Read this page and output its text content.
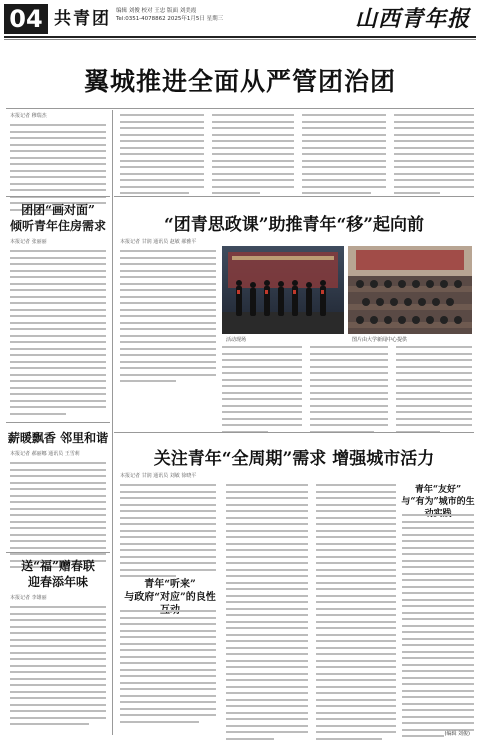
04 共青团 编辑 刘俊 校对 王忠 版面 刘美霞
Tel:0351-4078862 2025年1月5日 星期三	山西青年报
翼城推进全面从严管团治团
本报记者 穆瑞杰
团团“画对面”
倾听青年住房需求
本报记者 张丽丽
薪暖飘香 邻里和谐
本报记者 郝丽娜 通讯员 王雪莉
送“福”赠春联
迎春添年味
本报记者 李雄丽
“团青思政课”助推青年“移”起向前
本报记者 甘润 通讯员 赵敏 郝雅平
活动现场	图片由大学新闻中心提供
关注青年“全周期”需求 增强城市活力
本报记者 甘润 通讯员 刘敏 徐晓平
青年“听来”
与政府“对应”的良性
青年“友好”
与“有为”城市的生
(编辑 刘俊)
